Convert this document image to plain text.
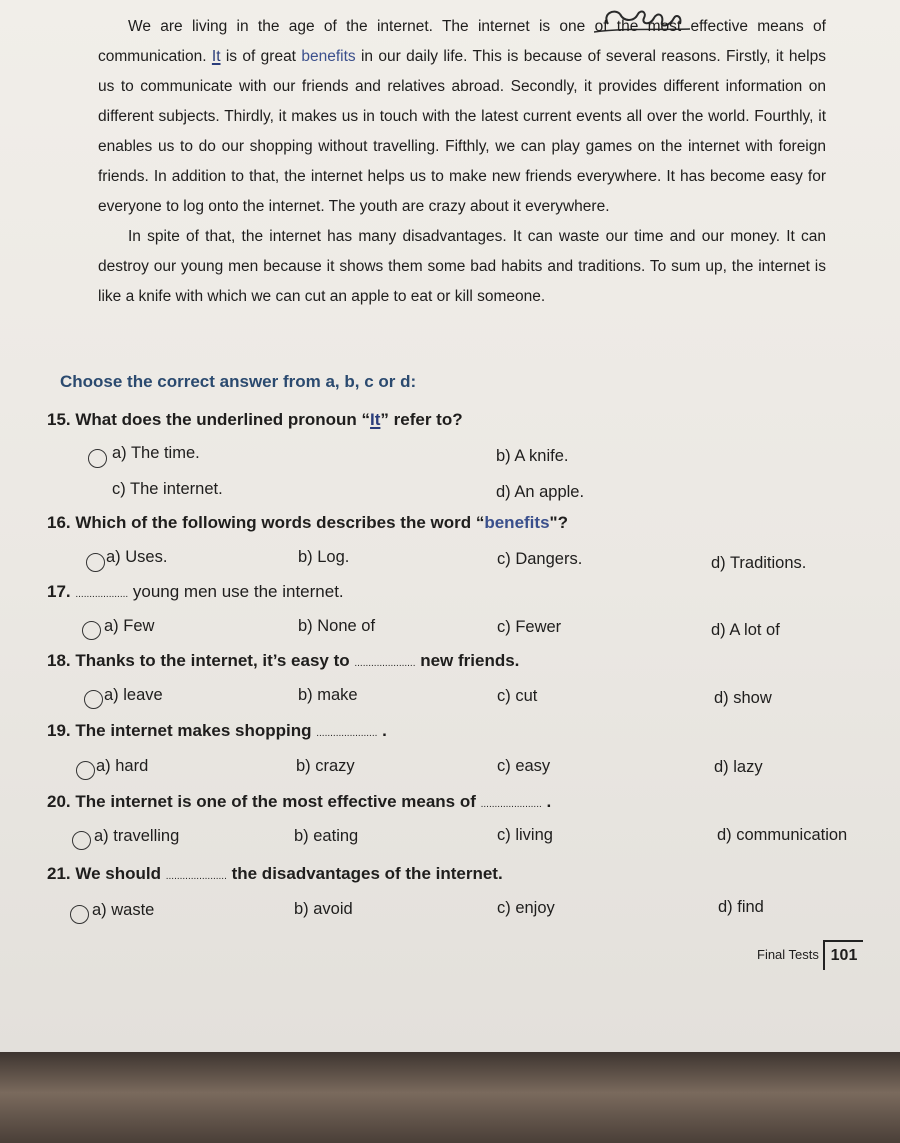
We are living in the age of the internet. The internet is one of the most effective means of communication. It is of great benefits in our daily life. This is because of several reasons. Firstly, it helps us to communicate with our friends and relatives abroad. Secondly, it provides different information on different subjects. Thirdly, it makes us in touch with the latest current events all over the world. Fourthly, it enables us to do our shopping without travelling. Fifthly, we can play games on the internet with foreign friends. In addition to that, the internet helps us to make new friends everywhere. It has become easy for everyone to log onto the internet. The youth are crazy about it everywhere.

In spite of that, the internet has many disadvantages. It can waste our time and our money. It can destroy our young men because it shows them some bad habits and traditions. To sum up, the internet is like a knife with which we can cut an apple to eat or kill someone.

Choose the correct answer from a, b, c or d:
15. What does the underlined pronoun “It” refer to?
a) The time.	b) A knife.
c) The internet.	d) An apple.
16. Which of the following words describes the word “benefits"?
a) Uses.	b) Log.	c) Dangers.	d) Traditions.
17. ................... young men use the internet.
a) Few	b) None of	c) Fewer	d) A lot of
18. Thanks to the internet, it’s easy to ...................... new friends.
a) leave	b) make	c) cut	d) show
19. The internet makes shopping ...................... .
a) hard	b) crazy	c) easy	d) lazy
20. The internet is one of the most effective means of ...................... .
a) travelling	b) eating	c) living	d) communication
21. We should ...................... the disadvantages of the internet.
a) waste	b) avoid	c) enjoy	d) find
Final Tests 101
